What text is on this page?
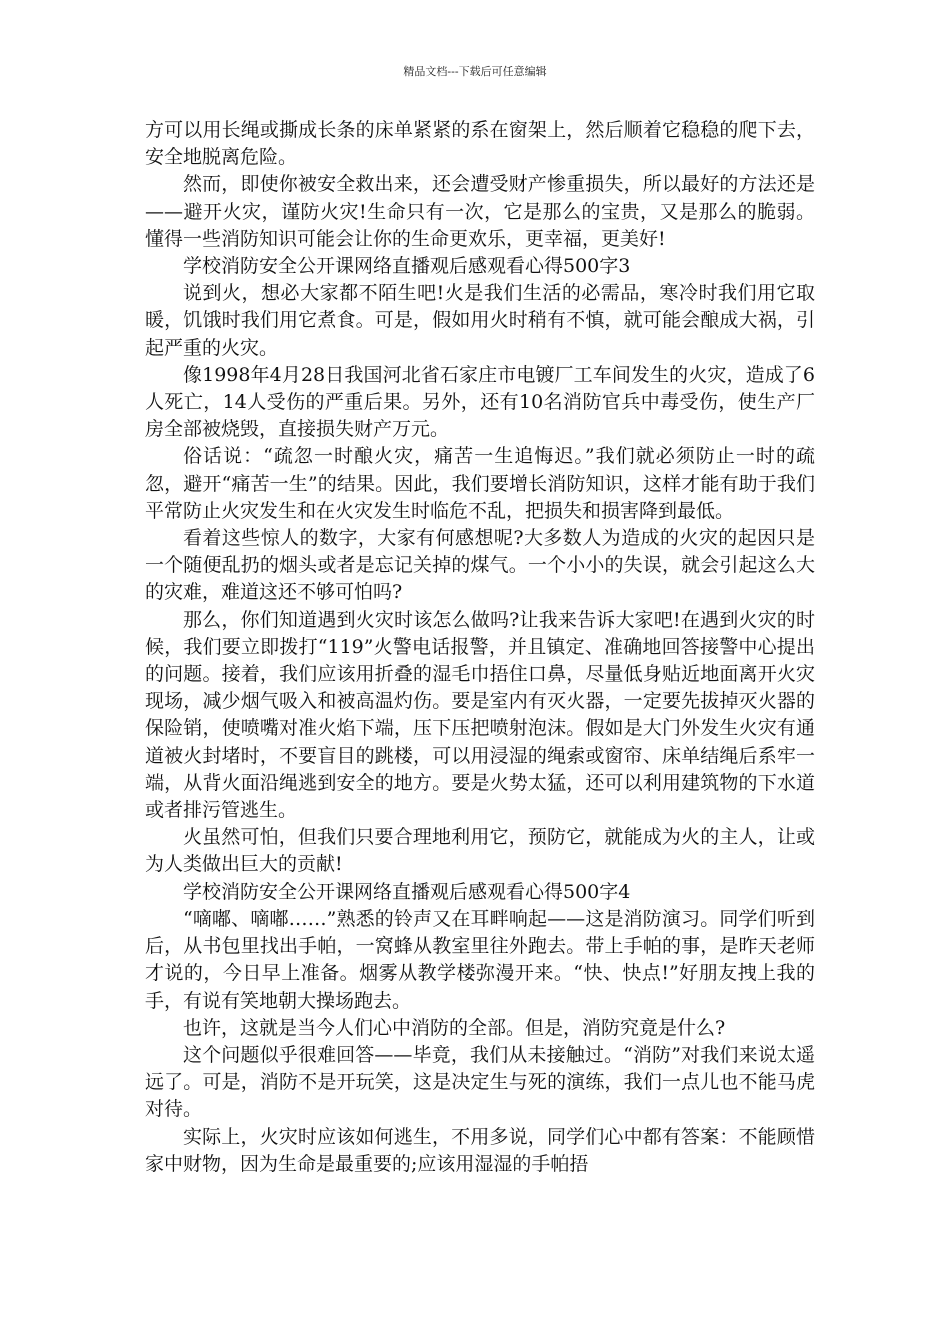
精品文档---下载后可任意编辑

方可以用长绳或撕成长条的床单紧紧的系在窗架上，然后顺着它稳稳的爬下去，安全地脱离危险。

然而，即使你被安全救出来，还会遭受财产惨重损失，所以最好的方法还是——避开火灾，谨防火灾!生命只有一次，它是那么的宝贵，又是那么的脆弱。懂得一些消防知识可能会让你的生命更欢乐，更幸福，更美好!

学校消防安全公开课网络直播观后感观看心得500字3

说到火，想必大家都不陌生吧!火是我们生活的必需品，寒冷时我们用它取暖，饥饿时我们用它煮食。可是，假如用火时稍有不慎，就可能会酿成大祸，引起严重的火灾。

像1998年4月28日我国河北省石家庄市电镀厂工车间发生的火灾，造成了6人死亡，14人受伤的严重后果。另外，还有10名消防官兵中毒受伤，使生产厂房全部被烧毁，直接损失财产万元。

俗话说：“疏忽一时酿火灾，痛苦一生追悔迟。”我们就必须防止一时的疏忽，避开“痛苦一生”的结果。因此，我们要增长消防知识，这样才能有助于我们平常防止火灾发生和在火灾发生时临危不乱，把损失和损害降到最低。

看着这些惊人的数字，大家有何感想呢?大多数人为造成的火灾的起因只是一个随便乱扔的烟头或者是忘记关掉的煤气。一个小小的失误，就会引起这么大的灾难，难道这还不够可怕吗?

那么，你们知道遇到火灾时该怎么做吗?让我来告诉大家吧!在遇到火灾的时候，我们要立即拨打“119”火警电话报警，并且镇定、准确地回答接警中心提出的问题。接着，我们应该用折叠的湿毛巾捂住口鼻，尽量低身贴近地面离开火灾现场，减少烟气吸入和被高温灼伤。要是室内有灭火器，一定要先拔掉灭火器的保险销，使喷嘴对准火焰下端，压下压把喷射泡沫。假如是大门外发生火灾有通道被火封堵时，不要盲目的跳楼，可以用浸湿的绳索或窗帘、床单结绳后系牢一端，从背火面沿绳逃到安全的地方。要是火势太猛，还可以利用建筑物的下水道或者排污管逃生。

火虽然可怕，但我们只要合理地利用它，预防它，就能成为火的主人，让或为人类做出巨大的贡献!

学校消防安全公开课网络直播观后感观看心得500字4

“嘀嘟、嘀嘟……”熟悉的铃声又在耳畔响起——这是消防演习。同学们听到后，从书包里找出手帕，一窝蜂从教室里往外跑去。带上手帕的事，是昨天老师才说的，今日早上准备。烟雾从教学楼弥漫开来。“快、快点!”好朋友拽上我的手，有说有笑地朝大操场跑去。

也许，这就是当今人们心中消防的全部。但是，消防究竟是什么?

这个问题似乎很难回答——毕竟，我们从未接触过。“消防”对我们来说太遥远了。可是，消防不是开玩笑，这是决定生与死的演练，我们一点儿也不能马虎对待。

实际上，火灾时应该如何逃生，不用多说，同学们心中都有答案：不能顾惜家中财物，因为生命是最重要的;应该用湿湿的手帕捂
